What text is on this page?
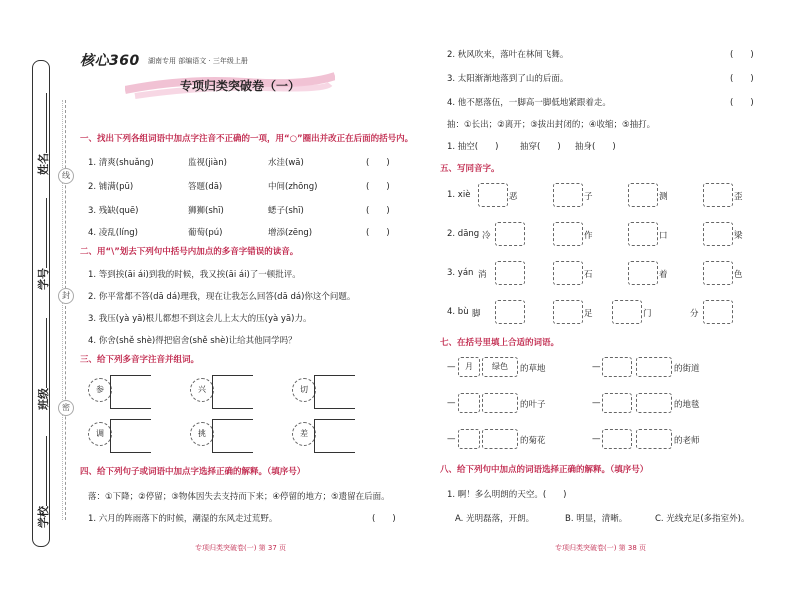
线
封
密
学校
班级
学号
姓名
核心360 湖南专用 部编语文 · 三年级上册
专项归类突破卷（一）
一、找出下列各组词语中加点字注音不正确的一项，用“○”圈出并改正在后面的括号内。
1. 清爽(shuǎng)	监视(jiàn)	水洼(wā)	(　　)
2. 铺满(pū)	答题(dā)	中间(zhōng)	(　　)
3. 残缺(quē)	狮狮(shī)	蟋子(shī)	(　　)
4. 凌乱(líng)	葡萄(pú)	增添(zēng)	(　　)
二、用“\”划去下列句中括号内加点的多音字错误的读音。
1. 等到挨(āi ái)到我的时候，我又挨(āi ái)了一顿批评。
2. 你平常都不答(dā dá)理我，现在让我怎么回答(dā dá)你这个问题。
3. 我压(yà yā)根儿都想不到这会儿上太大的压(yà yā)力。
4. 你舍(shě shè)得把宿舍(shě shè)让给其他同学吗？
三、给下列多音字注音并组词。
参	兴	切
调	挑	差
四、给下列句子或词语中加点字选择正确的解释。（填序号）
落：①下降；②停留；③物体因失去支持而下来；④停留的地方；⑤遗留在后面。
1. 六月的阵雨落下的时候，潮湿的东风走过荒野。	(　　)
专项归类突破卷(一) 第 37 页
2. 秋风吹来，落叶在林间飞舞。	(　　)
3. 太阳渐渐地落到了山的后面。	(　　)
4. 他不愿落伍，一脚高一脚低地紧跟着走。	(　　)
抽：①长出；②离开；③拔出封闭的；④收缩；⑤抽打。
1. 抽空(　　)	抽穿(　　) 抽身(　　)
五、写同音字。
1. xiè	恶	子	测	歪
2. dāng 冷	作	口	梁
3. yán 消	石	着	色
4. bù 脚	足	门	分
七、在括号里填上合适的词语。
—	月	绿色	的草地	—	的街道
—	的叶子	—	的地毯
—	的菊花	—	的老师
八、给下列句中加点的词语选择正确的解释。（填序号）
1. 啊！多么明朗的天空。(　　)
A. 光明磊落，开朗。	B. 明显，清晰。	C. 光线充足(多指室外)。
专项归类突破卷(一) 第 38 页
